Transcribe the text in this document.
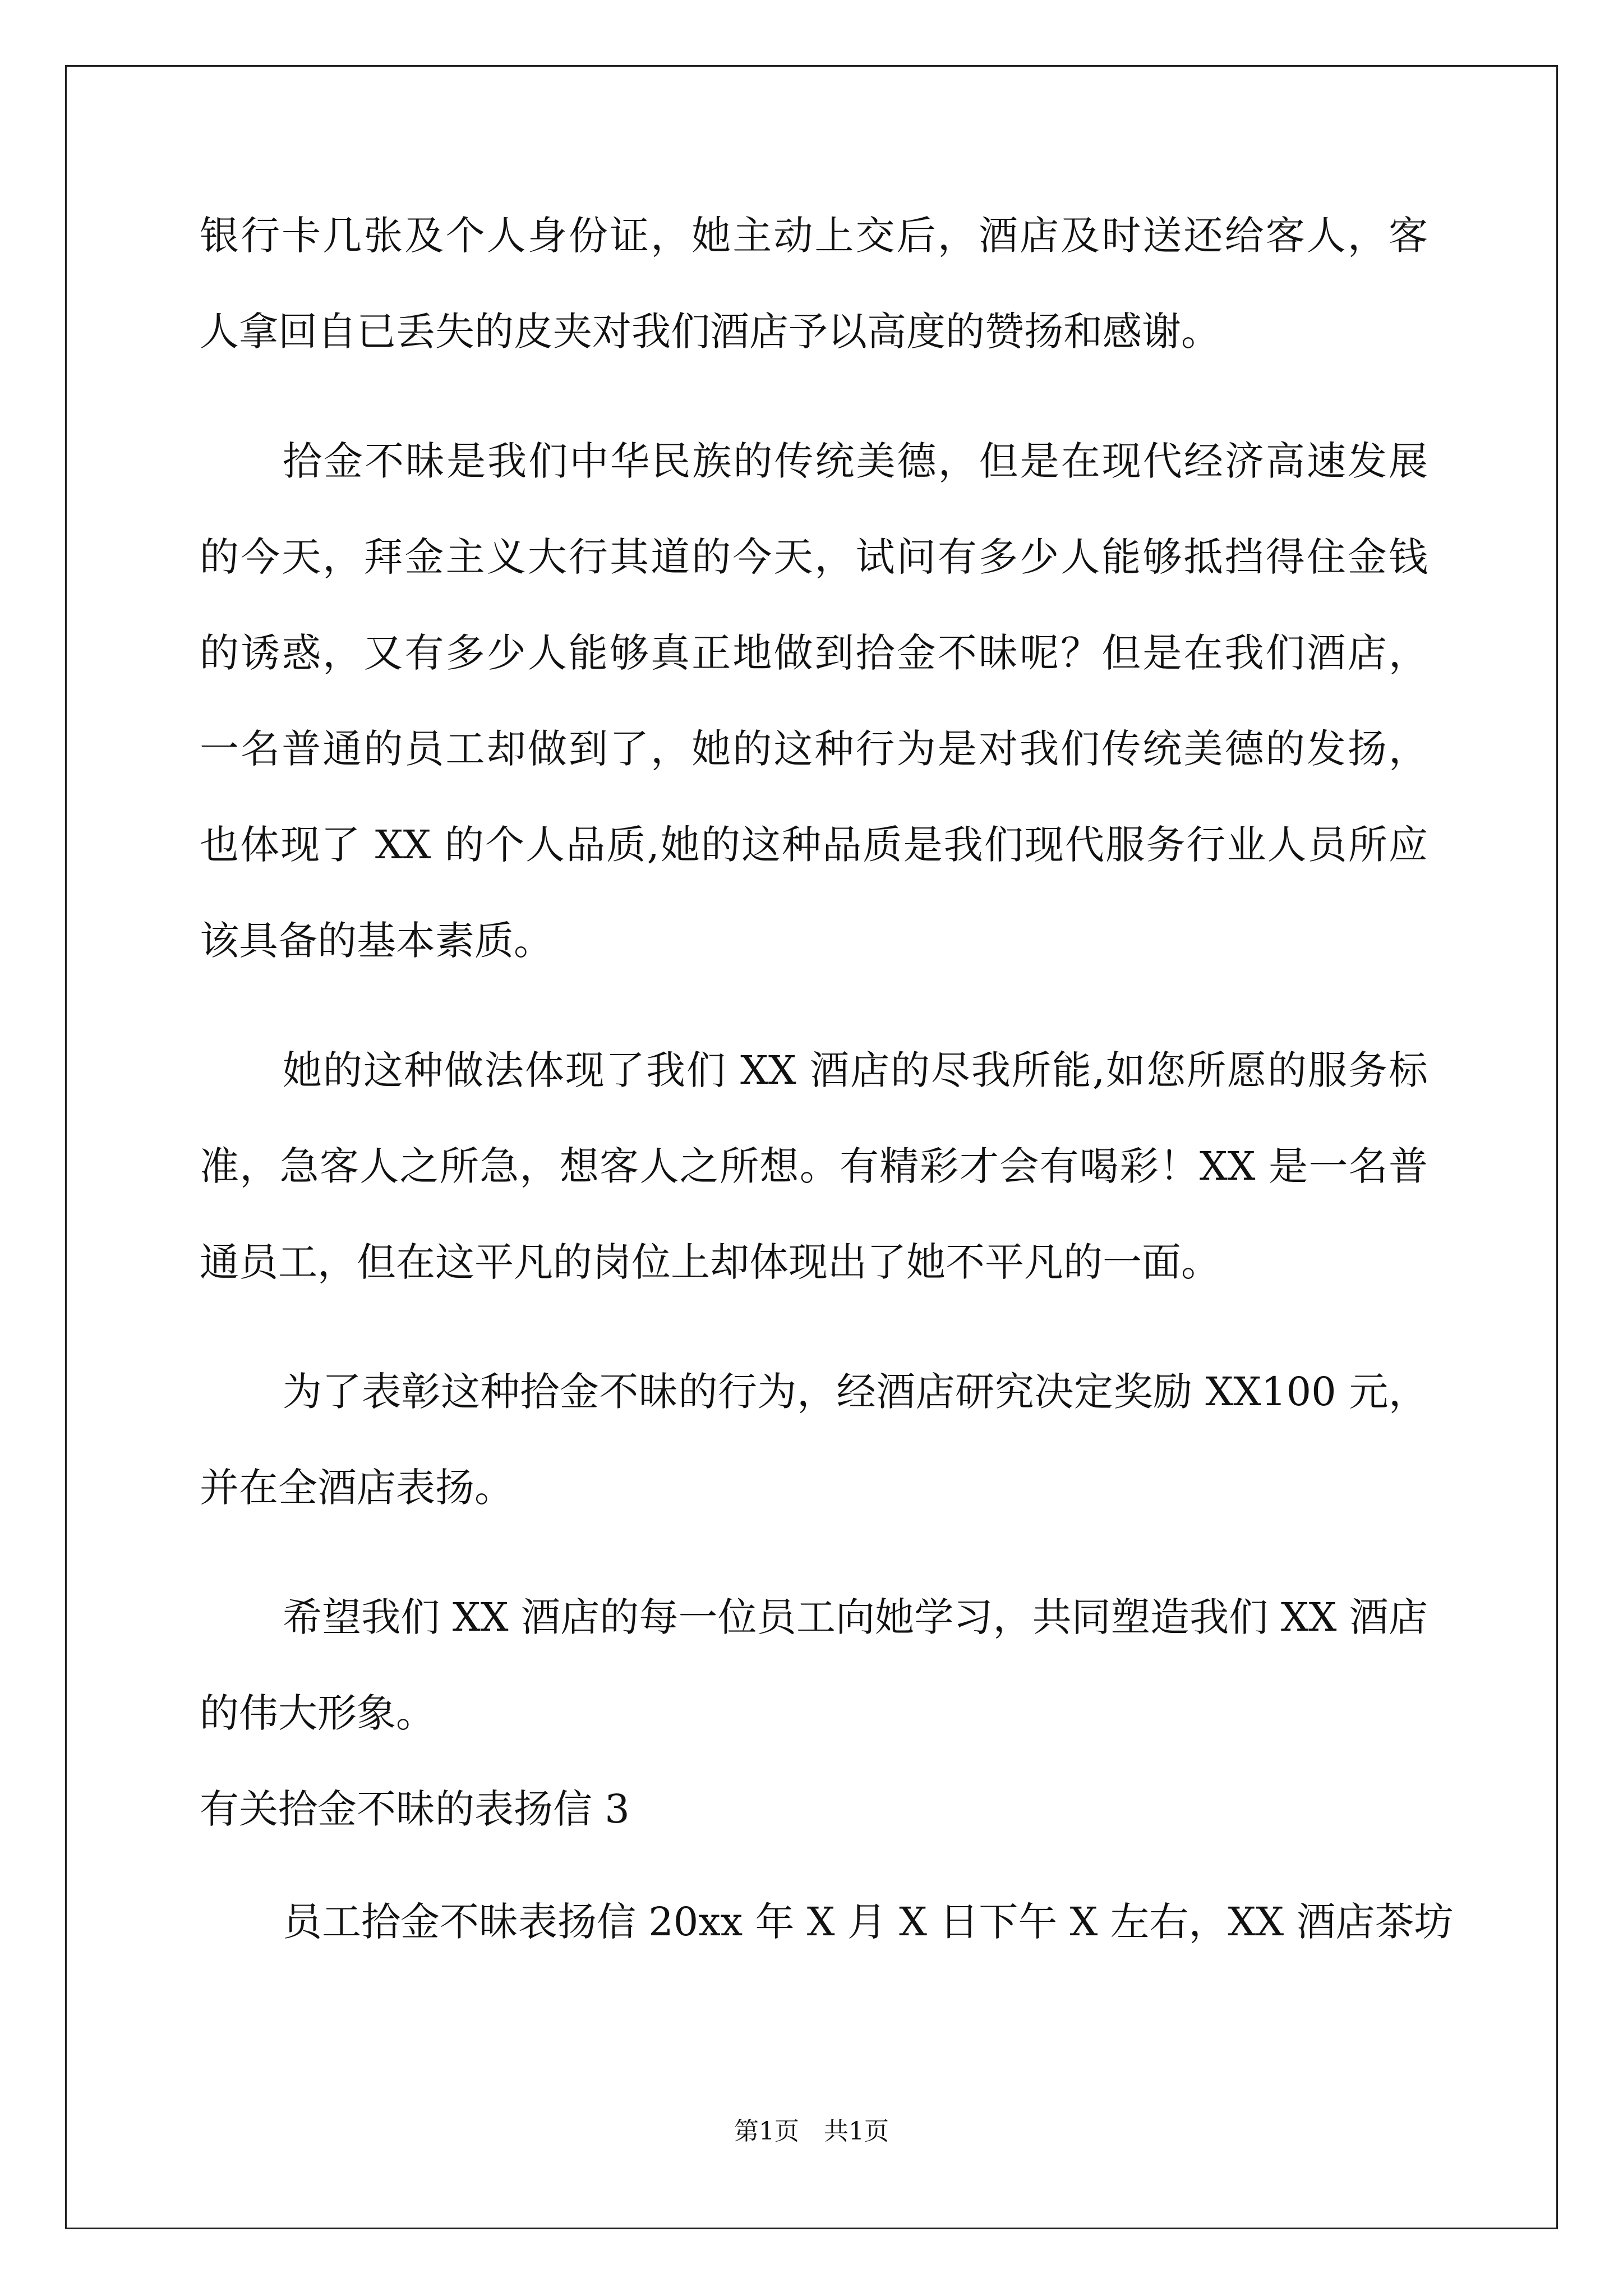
银行卡几张及个人身份证，她主动上交后，酒店及时送还给客人，客
人拿回自已丢失的皮夹对我们酒店予以高度的赞扬和感谢。
拾金不昧是我们中华民族的传统美德，但是在现代经济高速发展
的今天，拜金主义大行其道的今天，试问有多少人能够抵挡得住金钱
的诱惑，又有多少人能够真正地做到拾金不昧呢？但是在我们酒店，
一名普通的员工却做到了，她的这种行为是对我们传统美德的发扬，
也体现了 XX 的个人品质,她的这种品质是我们现代服务行业人员所应
该具备的基本素质。
她的这种做法体现了我们 XX 酒店的尽我所能,如您所愿的服务标
准，急客人之所急，想客人之所想。有精彩才会有喝彩！XX 是一名普
通员工，但在这平凡的岗位上却体现出了她不平凡的一面。
为了表彰这种拾金不昧的行为，经酒店研究决定奖励 XX100 元，
并在全酒店表扬。
希望我们 XX 酒店的每一位员工向她学习，共同塑造我们 XX 酒店
的伟大形象。
有关拾金不昧的表扬信 3
员工拾金不昧表扬信 20xx 年 X 月 X 日下午 X 左右，XX 酒店茶坊
第1页　共1页
